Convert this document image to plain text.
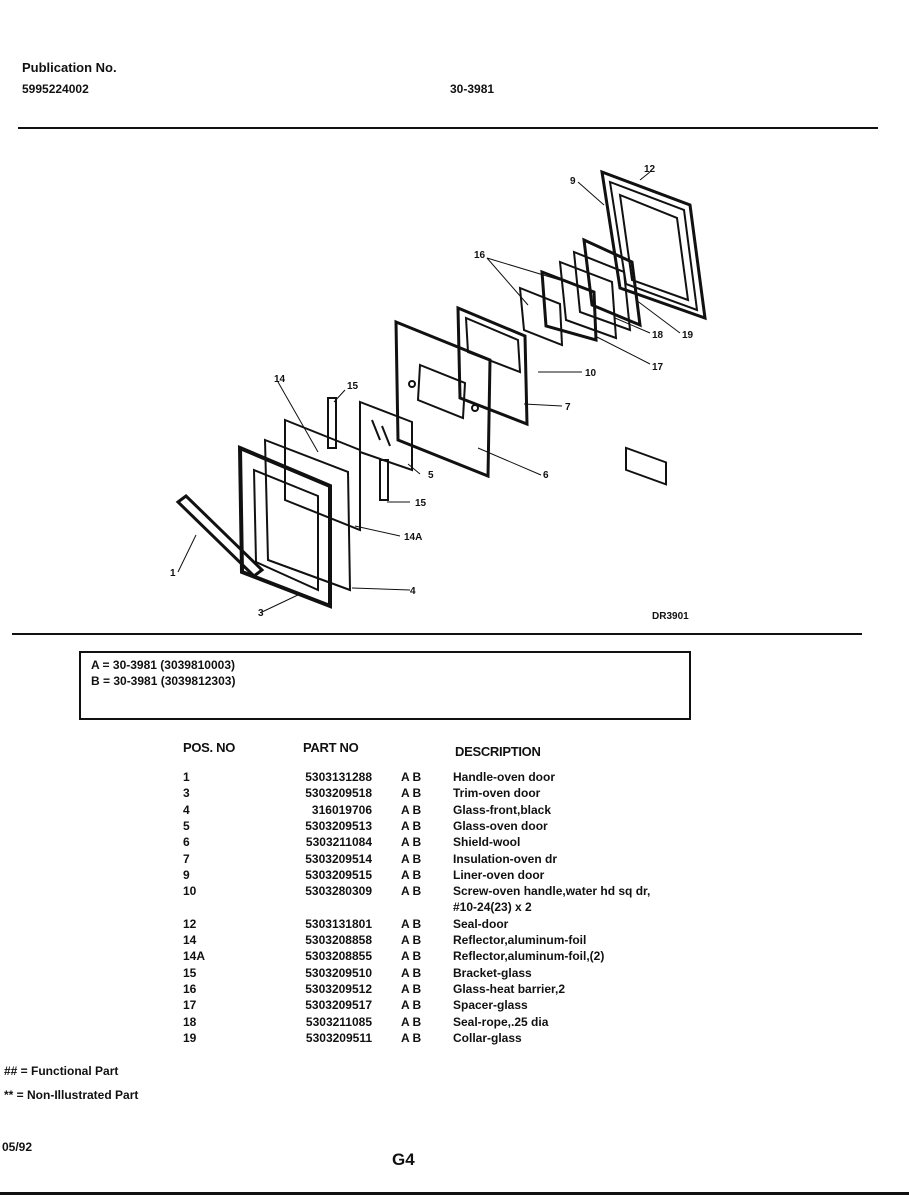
Publication No.
5995224002	30-3981
12
9
16
18 19
17
10
7
15
14
6
5
15
14A
1
4
3	DR3901
A = 30-3981 (3039810003)
B = 30-3981 (3039812303)
POS. NO	PART NO	DESCRIPTION
1	5303131288 A B	Handle-oven door
3	5303209518 A B	Trim-oven door
4	316019706 A B	Glass-front,black
5	5303209513 A B	Glass-oven door
6	5303211084 A B	Shield-wool
7	5303209514 A B	Insulation-oven dr
9	5303209515 A B	Liner-oven door
10	5303280309 A B	Screw-oven handle,water hd sq dr,
#10-24(23) x 2
12	5303131801 A B	Seal-door
14	5303208858 A B	Reflector,aluminum-foil
14A	5303208855 A B	Reflector,aluminum-foil,(2)
15	5303209510 A B	Bracket-glass
16	5303209512 A B	Glass-heat barrier,2
17	5303209517 A B	Spacer-glass
18	5303211085 A B	Seal-rope,.25 dia
19	5303209511 A B	Collar-glass
## = Functional Part
** = Non-Illustrated Part
05/92
G4
